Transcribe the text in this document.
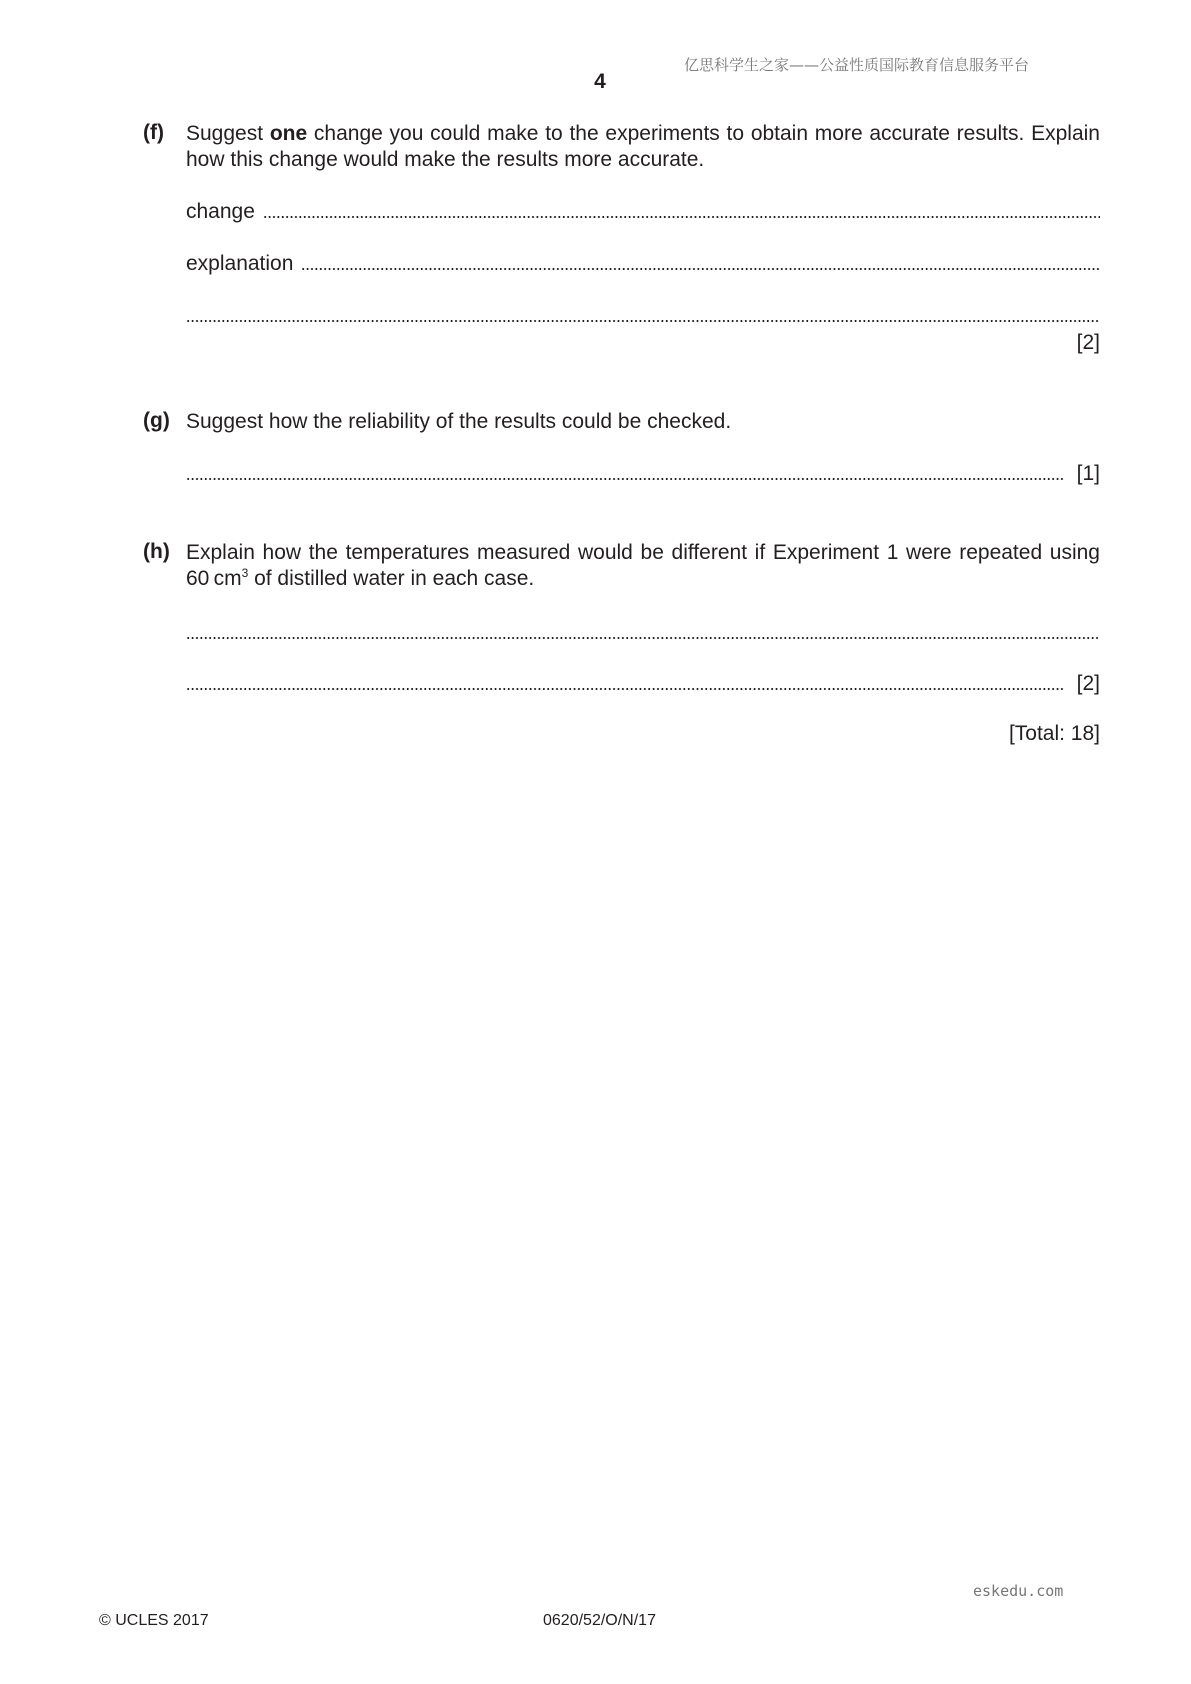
亿思科学生之家——公益性质国际教育信息服务平台
4
(f) Suggest one change you could make to the experiments to obtain more accurate results. Explain how this change would make the results more accurate.
change
explanation
[2]
(g) Suggest how the reliability of the results could be checked.
[1]
(h) Explain how the temperatures measured would be different if Experiment 1 were repeated using 60 $cm^3$ of distilled water in each case.
[2]
[Total: 18]
eskedu.com
© UCLES 2017	0620/52/O/N/17
